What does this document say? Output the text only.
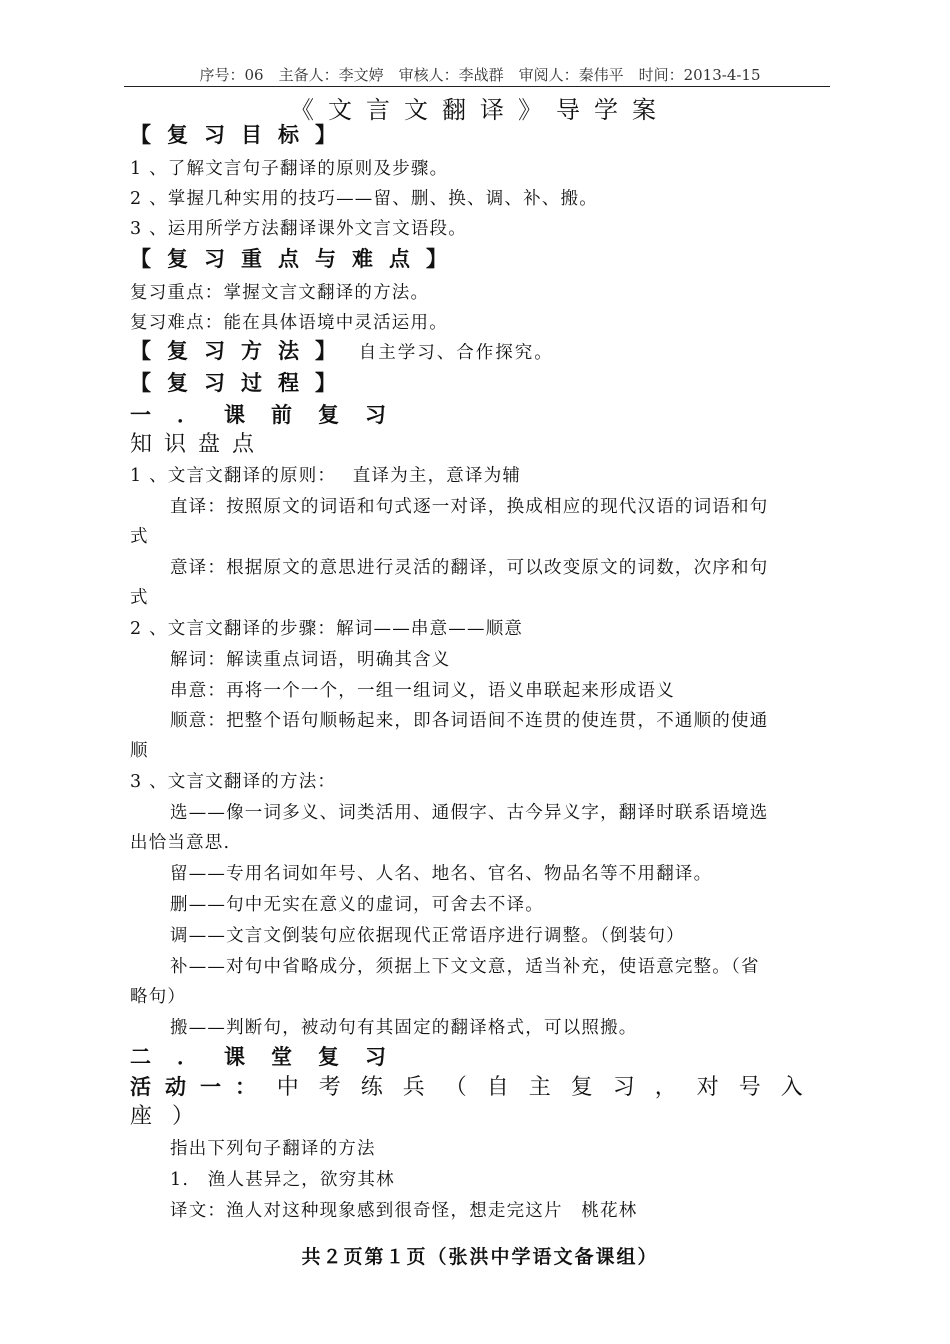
序号：06　主备人：李文婷　审核人：李战群　审阅人：秦伟平　时间：2013-4-15
《文言文翻译》导学案
【复习目标】
1 、了解文言句子翻译的原则及步骤。
2 、掌握几种实用的技巧——留、删、换、调、补、搬。
3 、运用所学方法翻译课外文言文语段。
【复习重点与难点】
复习重点：掌握文言文翻译的方法。
复习难点：能在具体语境中灵活运用。
【复习方法】 自主学习、合作探究。
【复习过程】
一．课前复习
知识盘点
1 、文言文翻译的原则：　 直译为主，意译为辅
直译：按照原文的词语和句式逐一对译，换成相应的现代汉语的词语和句
式
意译：根据原文的意思进行灵活的翻译，可以改变原文的词数，次序和句
式
2 、文言文翻译的步骤：解词——串意——顺意
解词：解读重点词语，明确其含义
串意：再将一个一个，一组一组词义，语义串联起来形成语义
顺意：把整个语句顺畅起来，即各词语间不连贯的使连贯，不通顺的使通
顺
3 、文言文翻译的方法：
选——像一词多义、词类活用、通假字、古今异义字，翻译时联系语境选
出恰当意思.
留——专用名词如年号、人名、地名、官名、物品名等不用翻译。
删——句中无实在意义的虚词，可舍去不译。
调——文言文倒装句应依据现代正常语序进行调整。（倒装句）
补——对句中省略成分，须据上下文文意，适当补充，使语意完整。（省
略句）
搬——判断句，被动句有其固定的翻译格式，可以照搬。
二．课堂复习
活动一： 中考练兵（自主复习，对号入
座）
指出下列句子翻译的方法
1.　渔人甚异之，欲穷其林
译文：渔人对这种现象感到很奇怪，想走完这片　桃花林
共２页第１页（张洪中学语文备课组）
